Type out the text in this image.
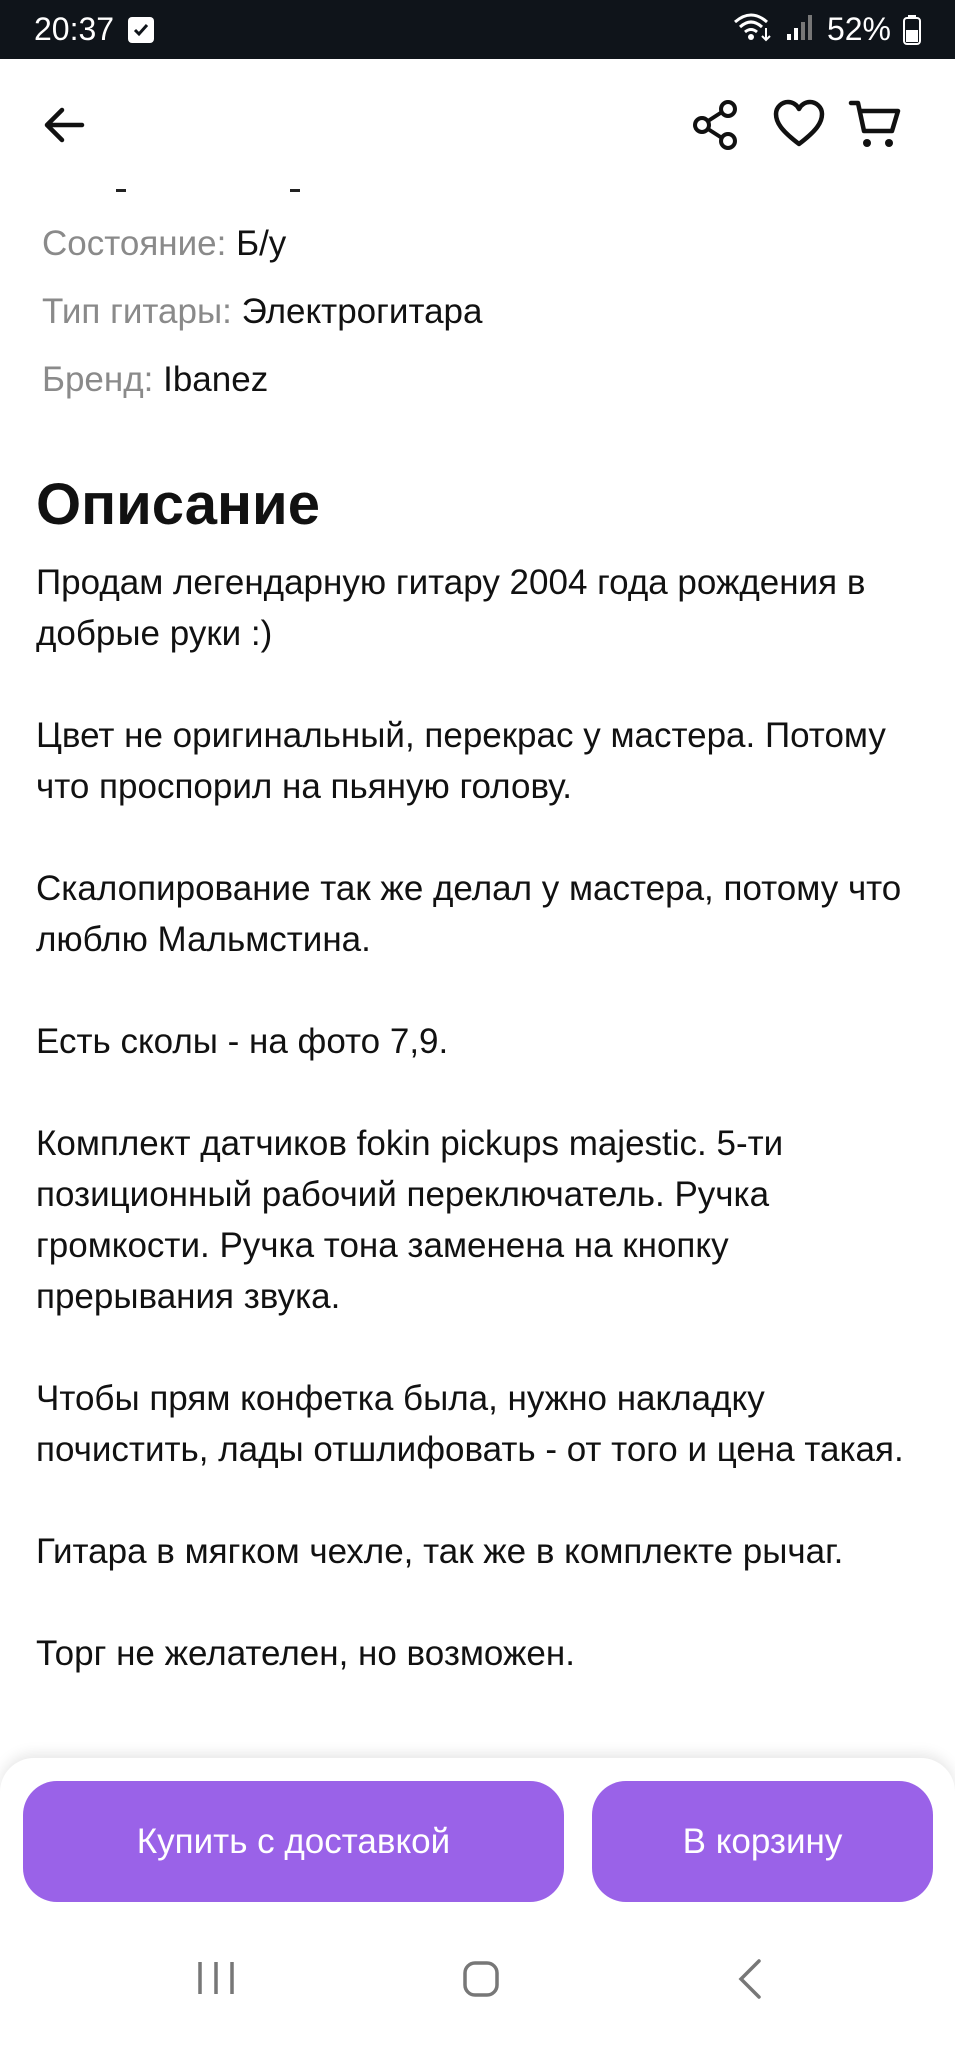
20:37	52%
Состояние: Б/у
Тип гитары: Электрогитара
Бренд: Ibanez
Описание

Продам легендарную гитару 2004 года рождения в добрые руки :)

Цвет не оригинальный, перекрас у мастера. Потому что проспорил на пьяную голову.

Скалопирование так же делал у мастера, потому что люблю Мальмстина.

Есть сколы - на фото 7,9.

Комплект датчиков fokin pickups majestic. 5-ти позиционный рабочий переключатель. Ручка громкости. Ручка тона заменена на кнопку прерывания звука.

Чтобы прям конфетка была, нужно накладку почистить, лады отшлифовать - от того и цена такая.

Гитара в мягком чехле, так же в комплекте рычаг.

Торг не желателен, но возможен.

Купить с доставкой	В корзину
